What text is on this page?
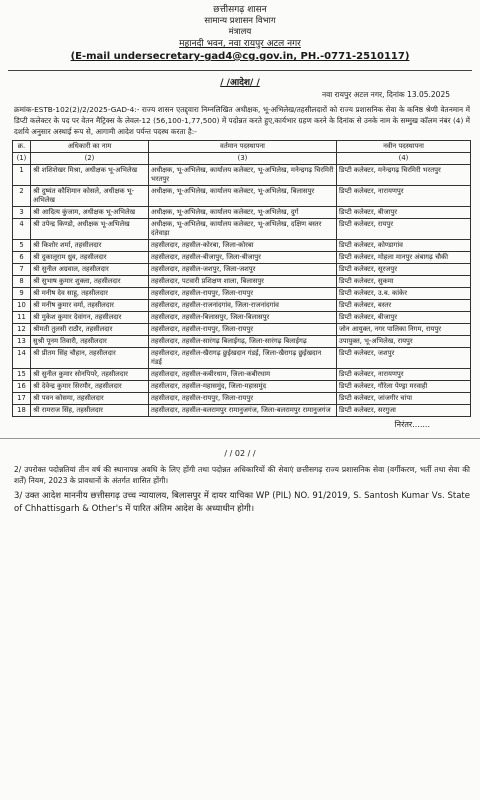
छत्तीसगढ़ शासन
सामान्य प्रशासन विभाग
मंत्रालय
महानदी भवन, नवा रायपुर अटल नगर
(E-mail undersecretary-gad4@cg.gov.in, PH.-0771-2510117)
/ /आदेश/ /
नवा रायपुर अटल नगर, दिनांक 13.05.2025
क्रमांक-ESTB-102(2)/2/2025-GAD-4:- राज्य शासन एतद्द्वारा निम्नलिखित अधीक्षक, भू-अभिलेख/तहसीलदारों को राज्य प्रशासनिक सेवा के कनिष्ठ श्रेणी वेतनमान में डिप्टी कलेक्टर के पद पर वेतन मैट्रिक्स के लेवल-12 (56,100-1,77,500) में पदोन्नत करते हुए,कार्यभार ग्रहण करने के दिनांक से उनके नाम के सम्मुख कॉलम नंबर (4) में दर्शाये अनुसार अस्थाई रूप से, आगामी आदेश पर्यन्त पदस्थ करता है:-
क्र.	अधिकारी का नाम	वर्तमान पदस्थापना	नवीन पदस्थापना
(1)	(2)	(3)	(4)
1	श्री शशिशेखर मिश्रा, अधीक्षक भू-अभिलेख	अधीक्षक, भू-अभिलेख, कार्यालय कलेक्टर, भू-अभिलेख, मनेन्द्रगढ़ चिरमिरी भरतपुर	डिप्टी कलेक्टर, मनेन्द्रगढ़ चिरमिरी भरतपुर
2	श्री दुष्यंत कौशिमान कोसले, अधीक्षक भू-अभिलेख	अधीक्षक, भू-अभिलेख, कार्यालय कलेक्टर, भू-अभिलेख, बिलासपुर	डिप्टी कलेक्टर, नारायणपुर
3	श्री आदित्य कुंजाम, अधीक्षक भू-अभिलेख	अधीक्षक, भू-अभिलेख, कार्यालय कलेक्टर, भू-अभिलेख, दुर्ग	डिप्टी कलेक्टर, बीजापुर
4	श्री उपेन्द्र किण्डो, अधीक्षक भू-अभिलेख	अधीक्षक, भू-अभिलेख, कार्यालय कलेक्टर, भू-अभिलेख, दक्षिण बस्तर दंतेवाड़ा	डिप्टी कलेक्टर, रायपुर
5	श्री किशोर शर्मा, तहसीलदार	तहसीलदार, तहसील-कोरबा, जिला-कोरबा	डिप्टी कलेक्टर, कोण्डागांव
6	श्री दुकालूराम ध्रुव, तहसीलदार	तहसीलदार, तहसील-बीजापुर, जिला-बीजापुर	डिप्टी कलेक्टर, मोहला मानपुर अंबागढ़ चौकी
7	श्री सुनील अग्रवाल, तहसीलदार	तहसीलदार, तहसील-जशपुर, जिला-जशपुर	डिप्टी कलेक्टर, सूरजपुर
8	श्री सुभाष कुमार शुक्ला, तहसीलदार	तहसीलदार, पटवारी प्रशिक्षण शाला, बिलासपुर	डिप्टी कलेक्टर, सुकमा
9	श्री मनीष देव साहू, तहसीलदार	तहसीलदार, तहसील-रायपुर, जिला-रायपुर	डिप्टी कलेक्टर, उ.ब. कांकेर
10	श्री मनीष कुमार वर्मा, तहसीलदार	तहसीलदार, तहसील-राजनांदगांव, जिला-राजनांदगांव	डिप्टी कलेक्टर, बस्तर
11	श्री मुकेश कुमार देवांगन, तहसीलदार	तहसीलदार, तहसील-बिलासपुर, जिला-बिलासपुर	डिप्टी कलेक्टर, बीजापुर
12	श्रीमती तुलसी राठौर, तहसीलदार	तहसीलदार, तहसील-रायपुर, जिला-रायपुर	जोन आयुक्त, नगर पालिका निगम, रायपुर
13	सुश्री पूनम तिवारी, तहसीलदार	तहसीलदार, तहसील-सारंगढ़ बिलाईगढ़, जिला-सारंगढ़ बिलाईगढ़	उपायुक्त, भू-अभिलेख, रायपुर
14	श्री प्रीतम सिंह चौहान, तहसीलदार	तहसीलदार, तहसील-खैरागढ़ छुईखदान गंडई, जिला-खैरागढ़ छुईखदान गंडई	डिप्टी कलेक्टर, जशपुर
15	श्री सुनील कुमार सोनपिपरे, तहसीलदार	तहसीलदार, तहसील-कबीरधाम, जिला-कबीरधाम	डिप्टी कलेक्टर, नारायणपुर
16	श्री देवेन्द्र कुमार सिरमौर, तहसीलदार	तहसीलदार, तहसील-महासमुंद, जिला-महासमुंद	डिप्टी कलेक्टर, गौरेला पेण्ड्रा मरवाही
17	श्री पवन कोसमा, तहसीलदार	तहसीलदार, तहसील-रायपुर, जिला-रायपुर	डिप्टी कलेक्टर, जांजगीर चांपा
18	श्री रामराज सिंह, तहसीलदार	तहसीलदार, तहसील-बलरामपुर रामानुजगंज, जिला-बलरामपुर रामानुजगंज	डिप्टी कलेक्टर, सरगुजा
निरंतर.......
/ / 02 / /
2/ उपरोक्त पदोन्नतियां तीन वर्ष की स्थानापन्न अवधि के लिए होंगी तथा पदोन्नत अधिकारियों की सेवाएं छत्तीसगढ़ राज्य प्रशासनिक सेवा (वर्गीकरण, भर्ती तथा सेवा की शर्तें) नियम, 2023 के प्रावधानों के अंतर्गत शासित होंगी।
3/ उक्त आदेश माननीय छत्तीसगढ़ उच्च न्यायालय, बिलासपुर में दायर याचिका WP (PIL) NO. 91/2019, S. Santosh Kumar Vs. State of Chhattisgarh & Other's में पारित अंतिम आदेश के अध्याधीन होगी।
